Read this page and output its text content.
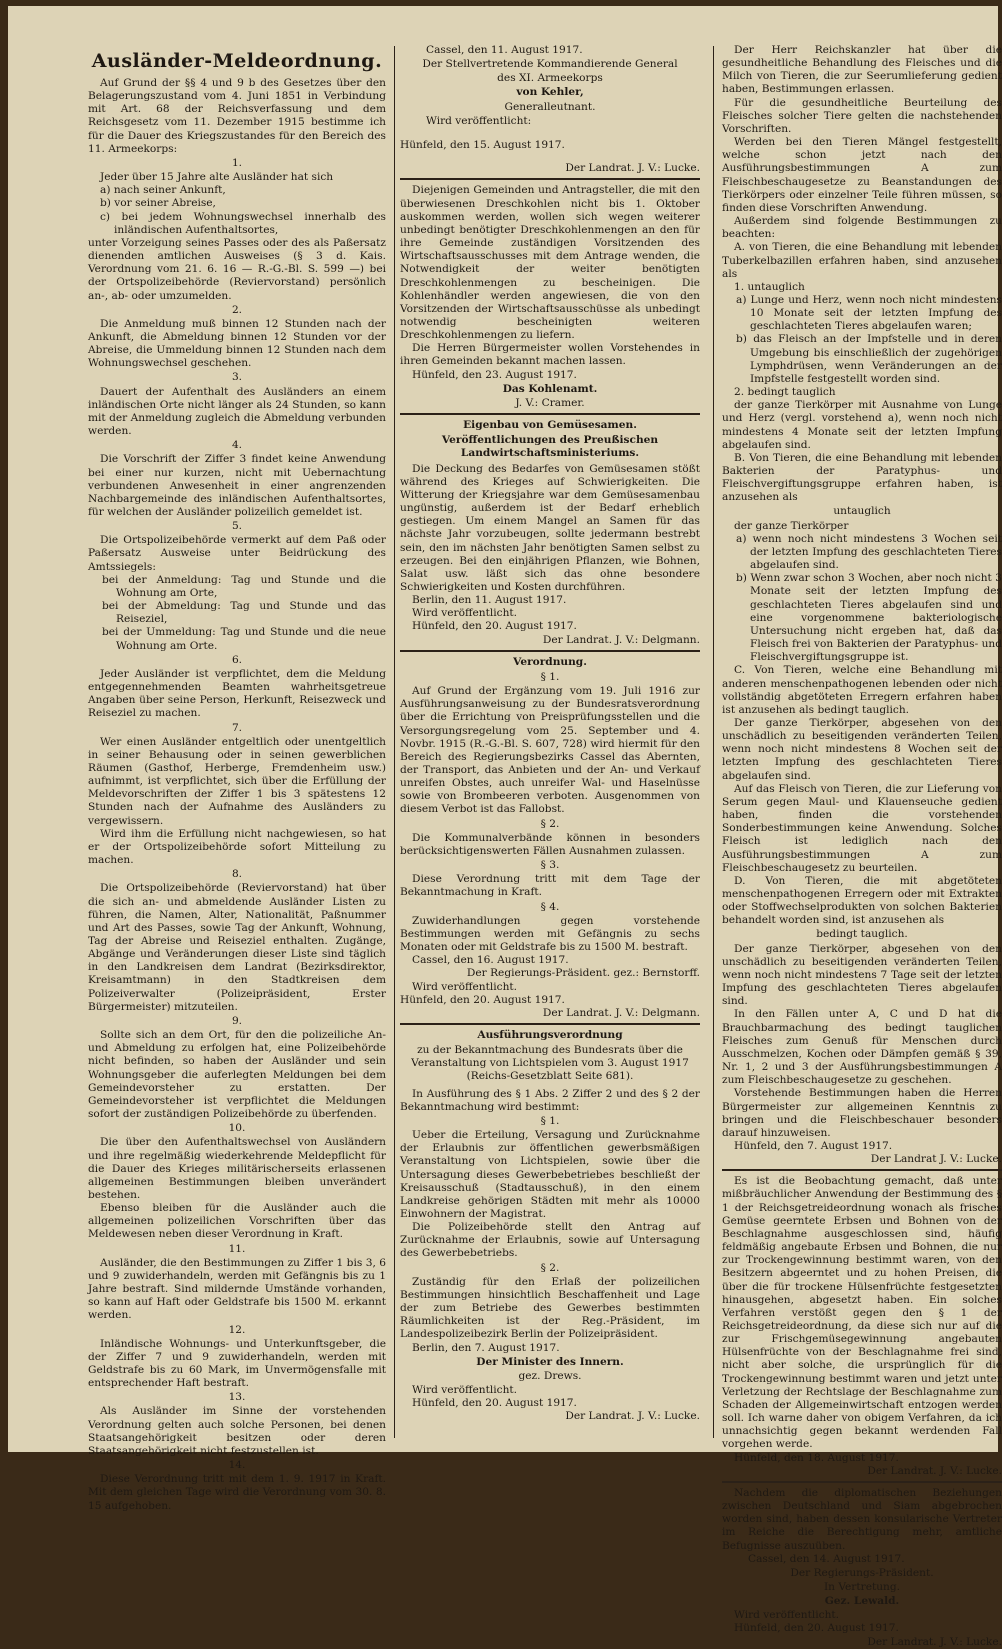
Ausländer-Meldeordnung.

Auf Grund der §§ 4 und 9 b des Gesetzes über den Belagerungszustand vom 4. Juni 1851 in Verbindung mit Art. 68 der Reichsverfassung und dem Reichsgesetz vom 11. Dezember 1915 bestimme ich für die Dauer des Kriegszustandes für den Bereich des 11. Armeekorps:

1.

Jeder über 15 Jahre alte Ausländer hat sich

a) nach seiner Ankunft,

b) vor seiner Abreise,

c) bei jedem Wohnungswechsel innerhalb des inländischen Aufenthaltsortes,

unter Vorzeigung seines Passes oder des als Paßersatz dienenden amtlichen Ausweises (§ 3 d. Kais. Verordnung vom 21. 6. 16 — R.-G.-Bl. S. 599 —) bei der Ortspolizeibehörde (Reviervorstand) persönlich an-, ab- oder umzumelden.

2.

Die Anmeldung muß binnen 12 Stunden nach der Ankunft, die Abmeldung binnen 12 Stunden vor der Abreise, die Ummeldung binnen 12 Stunden nach dem Wohnungswechsel geschehen.

3.

Dauert der Aufenthalt des Ausländers an einem inländischen Orte nicht länger als 24 Stunden, so kann mit der Anmeldung zugleich die Abmeldung verbunden werden.

4.

Die Vorschrift der Ziffer 3 findet keine Anwendung bei einer nur kurzen, nicht mit Uebernachtung verbundenen Anwesenheit in einer angrenzenden Nachbargemeinde des inländischen Aufenthaltsortes, für welchen der Ausländer polizeilich gemeldet ist.

5.

Die Ortspolizeibehörde vermerkt auf dem Paß oder Paßersatz Ausweise unter Beidrückung des Amtssiegels:

bei der Anmeldung: Tag und Stunde und die Wohnung am Orte,

bei der Abmeldung: Tag und Stunde und das Reiseziel,

bei der Ummeldung: Tag und Stunde und die neue Wohnung am Orte.

6.

Jeder Ausländer ist verpflichtet, dem die Meldung entgegennehmenden Beamten wahrheitsgetreue Angaben über seine Person, Herkunft, Reisezweck und Reiseziel zu machen.

7.

Wer einen Ausländer entgeltlich oder unentgeltlich in seiner Behausung oder in seinen gewerblichen Räumen (Gasthof, Herberge, Fremdenheim usw.) aufnimmt, ist verpflichtet, sich über die Erfüllung der Meldevorschriften der Ziffer 1 bis 3 spätestens 12 Stunden nach der Aufnahme des Ausländers zu vergewissern.

Wird ihm die Erfüllung nicht nachgewiesen, so hat er der Ortspolizeibehörde sofort Mitteilung zu machen.

8.

Die Ortspolizeibehörde (Reviervorstand) hat über die sich an- und abmeldende Ausländer Listen zu führen, die Namen, Alter, Nationalität, Paßnummer und Art des Passes, sowie Tag der Ankunft, Wohnung, Tag der Abreise und Reiseziel enthalten. Zugänge, Abgänge und Veränderungen dieser Liste sind täglich in den Landkreisen dem Landrat (Bezirksdirektor, Kreisamtmann) in den Stadtkreisen dem Polizeiverwalter (Polizeipräsident, Erster Bürgermeister) mitzuteilen.

9.

Sollte sich an dem Ort, für den die polizeiliche An- und Abmeldung zu erfolgen hat, eine Polizeibehörde nicht befinden, so haben der Ausländer und sein Wohnungsgeber die auferlegten Meldungen bei dem Gemeindevorsteher zu erstatten. Der Gemeindevorsteher ist verpflichtet die Meldungen sofort der zuständigen Polizeibehörde zu überfenden.

10.

Die über den Aufenthaltswechsel von Ausländern und ihre regelmäßig wiederkehrende Meldepflicht für die Dauer des Krieges militärischerseits erlassenen allgemeinen Bestimmungen bleiben unverändert bestehen.

Ebenso bleiben für die Ausländer auch die allgemeinen polizeilichen Vorschriften über das Meldewesen neben dieser Verordnung in Kraft.

11.

Ausländer, die den Bestimmungen zu Ziffer 1 bis 3, 6 und 9 zuwiderhandeln, werden mit Gefängnis bis zu 1 Jahre bestraft. Sind mildernde Umstände vorhanden, so kann auf Haft oder Geldstrafe bis 1500 M. erkannt werden.

12.

Inländische Wohnungs- und Unterkunftsgeber, die der Ziffer 7 und 9 zuwiderhandeln, werden mit Geldstrafe bis zu 60 Mark, im Unvermögensfalle mit entsprechender Haft bestraft.

13.

Als Ausländer im Sinne der vorstehenden Verordnung gelten auch solche Personen, bei denen Staatsangehörigkeit besitzen oder deren Staatsangehörigkeit nicht festzustellen ist.

14.

Diese Verordnung tritt mit dem 1. 9. 1917 in Kraft. Mit dem gleichen Tage wird die Verordnung vom 30. 8. 15 aufgehoben.

Cassel, den 11. August 1917.

Der Stellvertretende Kommandierende General

des XI. Armeekorps

von Kehler,

Generalleutnant.

Wird veröffentlicht:

Hünfeld, den 15. August 1917.

Der Landrat. J. V.: Lucke.

Diejenigen Gemeinden und Antragsteller, die mit den überwiesenen Dreschkohlen nicht bis 1. Oktober auskommen werden, wollen sich wegen weiterer unbedingt benötigter Dreschkohlenmengen an den für ihre Gemeinde zuständigen Vorsitzenden des Wirtschaftsausschusses mit dem Antrage wenden, die Notwendigkeit der weiter benötigten Dreschkohlenmengen zu bescheinigen. Die Kohlenhändler werden angewiesen, die von den Vorsitzenden der Wirtschaftsausschüsse als unbedingt notwendig bescheinigten weiteren Dreschkohlenmengen zu liefern.

Die Herren Bürgermeister wollen Vorstehendes in ihren Gemeinden bekannt machen lassen.

Hünfeld, den 23. August 1917.

Das Kohlenamt.

J. V.: Cramer.

Eigenbau von Gemüsesamen.

Veröffentlichungen des Preußischen Landwirtschaftsministeriums.

Die Deckung des Bedarfes von Gemüsesamen stößt während des Krieges auf Schwierigkeiten. Die Witterung der Kriegsjahre war dem Gemüsesamenbau ungünstig, außerdem ist der Bedarf erheblich gestiegen. Um einem Mangel an Samen für das nächste Jahr vorzubeugen, sollte jedermann bestrebt sein, den im nächsten Jahr benötigten Samen selbst zu erzeugen. Bei den einjährigen Pflanzen, wie Bohnen, Salat usw. läßt sich das ohne besondere Schwierigkeiten und Kosten durchführen.

Berlin, den 11. August 1917.

Wird veröffentlicht.

Hünfeld, den 20. August 1917.

Der Landrat. J. V.: Delgmann.

Verordnung.

§ 1.

Auf Grund der Ergänzung vom 19. Juli 1916 zur Ausführungsanweisung zu der Bundesratsverordnung über die Errichtung von Preisprüfungsstellen und die Versorgungsregelung vom 25. September und 4. Novbr. 1915 (R.-G.-Bl. S. 607, 728) wird hiermit für den Bereich des Regierungsbezirks Cassel das Abernten, der Transport, das Anbieten und der An- und Verkauf unreifen Obstes, auch unreifer Wal- und Haselnüsse sowie von Brombeeren verboten. Ausgenommen von diesem Verbot ist das Fallobst.

§ 2.

Die Kommunalverbände können in besonders berücksichtigenswerten Fällen Ausnahmen zulassen.

§ 3.

Diese Verordnung tritt mit dem Tage der Bekanntmachung in Kraft.

§ 4.

Zuwiderhandlungen gegen vorstehende Bestimmungen werden mit Gefängnis zu sechs Monaten oder mit Geldstrafe bis zu 1500 M. bestraft.

Cassel, den 16. August 1917.

Der Regierungs-Präsident. gez.: Bernstorff.

Wird veröffentlicht.

Hünfeld, den 20. August 1917.

Der Landrat. J. V.: Delgmann.

Ausführungsverordnung

zu der Bekanntmachung des Bundesrats über die Veranstaltung von Lichtspielen vom 3. August 1917 (Reichs-Gesetzblatt Seite 681).

In Ausführung des § 1 Abs. 2 Ziffer 2 und des § 2 der Bekanntmachung wird bestimmt:

§ 1.

Ueber die Erteilung, Versagung und Zurücknahme der Erlaubnis zur öffentlichen gewerbsmäßigen Veranstaltung von Lichtspielen, sowie über die Untersagung dieses Gewerbebetriebes beschließt der Kreisausschuß (Stadtausschuß), in den einem Landkreise gehörigen Städten mit mehr als 10000 Einwohnern der Magistrat.

Die Polizeibehörde stellt den Antrag auf Zurücknahme der Erlaubnis, sowie auf Untersagung des Gewerbebetriebs.

§ 2.

Zuständig für den Erlaß der polizeilichen Bestimmungen hinsichtlich Beschaffenheit und Lage der zum Betriebe des Gewerbes bestimmten Räumlichkeiten ist der Reg.-Präsident, im Landespolizeibezirk Berlin der Polizeipräsident.

Berlin, den 7. August 1917.

Der Minister des Innern.

gez. Drews.

Wird veröffentlicht.

Hünfeld, den 20. August 1917.

Der Landrat. J. V.: Lucke.

Der Herr Reichskanzler hat über die gesundheitliche Behandlung des Fleisches und die Milch von Tieren, die zur Seerumlieferung gedient haben, Bestimmungen erlassen.

Für die gesundheitliche Beurteilung des Fleisches solcher Tiere gelten die nachstehenden Vorschriften.

Werden bei den Tieren Mängel festgestellt, welche schon jetzt nach den Ausführungsbestimmungen A zum Fleischbeschaugesetze zu Beanstandungen des Tierkörpers oder einzelner Teile führen müssen, so finden diese Vorschriften Anwendung.

Außerdem sind folgende Bestimmungen zu beachten:

A. von Tieren, die eine Behandlung mit lebenden Tuberkelbazillen erfahren haben, sind anzusehen als

1. untauglich

a) Lunge und Herz, wenn noch nicht mindestens 10 Monate seit der letzten Impfung des geschlachteten Tieres abgelaufen waren;

b) das Fleisch an der Impfstelle und in deren Umgebung bis einschließlich der zugehörigen Lymphdrüsen, wenn Veränderungen an der Impfstelle festgestellt worden sind.

2. bedingt tauglich

der ganze Tierkörper mit Ausnahme von Lunge und Herz (vergl. vorstehend a), wenn noch nicht mindestens 4 Monate seit der letzten Impfung abgelaufen sind.

B. Von Tieren, die eine Behandlung mit lebenden Bakterien der Paratyphus- und Fleischvergiftungsgruppe erfahren haben, ist anzusehen als

untauglich

der ganze Tierkörper

a) wenn noch nicht mindestens 3 Wochen seit der letzten Impfung des geschlachteten Tieres abgelaufen sind.

b) Wenn zwar schon 3 Wochen, aber noch nicht 3 Monate seit der letzten Impfung des geschlachteten Tieres abgelaufen sind und eine vorgenommene bakteriologische Untersuchung nicht ergeben hat, daß das Fleisch frei von Bakterien der Paratyphus- und Fleischvergiftungsgruppe ist.

C. Von Tieren, welche eine Behandlung mit anderen menschenpathogenen lebenden oder nicht vollständig abgetöteten Erregern erfahren haben ist anzusehen als bedingt tauglich.

Der ganze Tierkörper, abgesehen von den unschädlich zu beseitigenden veränderten Teilen, wenn noch nicht mindestens 8 Wochen seit der letzten Impfung des geschlachteten Tieres abgelaufen sind.

Auf das Fleisch von Tieren, die zur Lieferung von Serum gegen Maul- und Klauenseuche gedient haben, finden die vorstehenden Sonderbestimmungen keine Anwendung. Solches Fleisch ist lediglich nach den Ausführungsbestimmungen A zum Fleischbeschaugesetz zu beurteilen.

D. Von Tieren, die mit abgetöteten menschenpathogenen Erregern oder mit Extrakten oder Stoffwechselprodukten von solchen Bakterien behandelt worden sind, ist anzusehen als

bedingt tauglich.

Der ganze Tierkörper, abgesehen von den unschädlich zu beseitigenden veränderten Teilen, wenn noch nicht mindestens 7 Tage seit der letzten Impfung des geschlachteten Tieres abgelaufen sind.

In den Fällen unter A, C und D hat die Brauchbarmachung des bedingt tauglichen Fleisches zum Genuß für Menschen durch Ausschmelzen, Kochen oder Dämpfen gemäß § 39, Nr. 1, 2 und 3 der Ausführungsbestimmungen A zum Fleischbeschaugesetze zu geschehen.

Vorstehende Bestimmungen haben die Herren Bürgermeister zur allgemeinen Kenntnis zu bringen und die Fleischbeschauer besonders darauf hinzuweisen.

Hünfeld, den 7. August 1917.

Der Landrat J. V.: Lucke.

Es ist die Beobachtung gemacht, daß unter mißbräuchlicher Anwendung der Bestimmung des § 1 der Reichsgetreideordnung wonach als frisches Gemüse geerntete Erbsen und Bohnen von der Beschlagnahme ausgeschlossen sind, häufig feldmäßig angebaute Erbsen und Bohnen, die nur zur Trockengewinnung bestimmt waren, von den Besitzern abgeerntet und zu hohen Preisen, die über die für trockene Hülsenfrüchte festgesetzten hinausgehen, abgesetzt haben. Ein solches Verfahren verstößt gegen den § 1 der Reichsgetreideordnung, da diese sich nur auf die zur Frischgemüsegewinnung angebauten Hülsenfrüchte von der Beschlagnahme frei sind, nicht aber solche, die ursprünglich für die Trockengewinnung bestimmt waren und jetzt unter Verletzung der Rechtslage der Beschlagnahme zum Schaden der Allgemeinwirtschaft entzogen werden soll. Ich warne daher von obigem Verfahren, da ich unnachsichtig gegen bekannt werdenden Fall vorgehen werde.

Hünfeld, den 18. August 1917.

Der Landrat. J. V.: Lucke.

Nachdem die diplomatischen Beziehungen zwischen Deutschland und Siam abgebrochen worden sind, haben dessen konsularische Vertreter im Reiche die Berechtigung mehr, amtliche Befugnisse auszuüben.

Cassel, den 14. August 1917.

Der Regierungs-Präsident.

In Vertretung.

Gez. Lewald.

Wird veröffentlicht.

Hünfeld, den 20. August 1917.

Der Landrat. J. V.: Lucke.
